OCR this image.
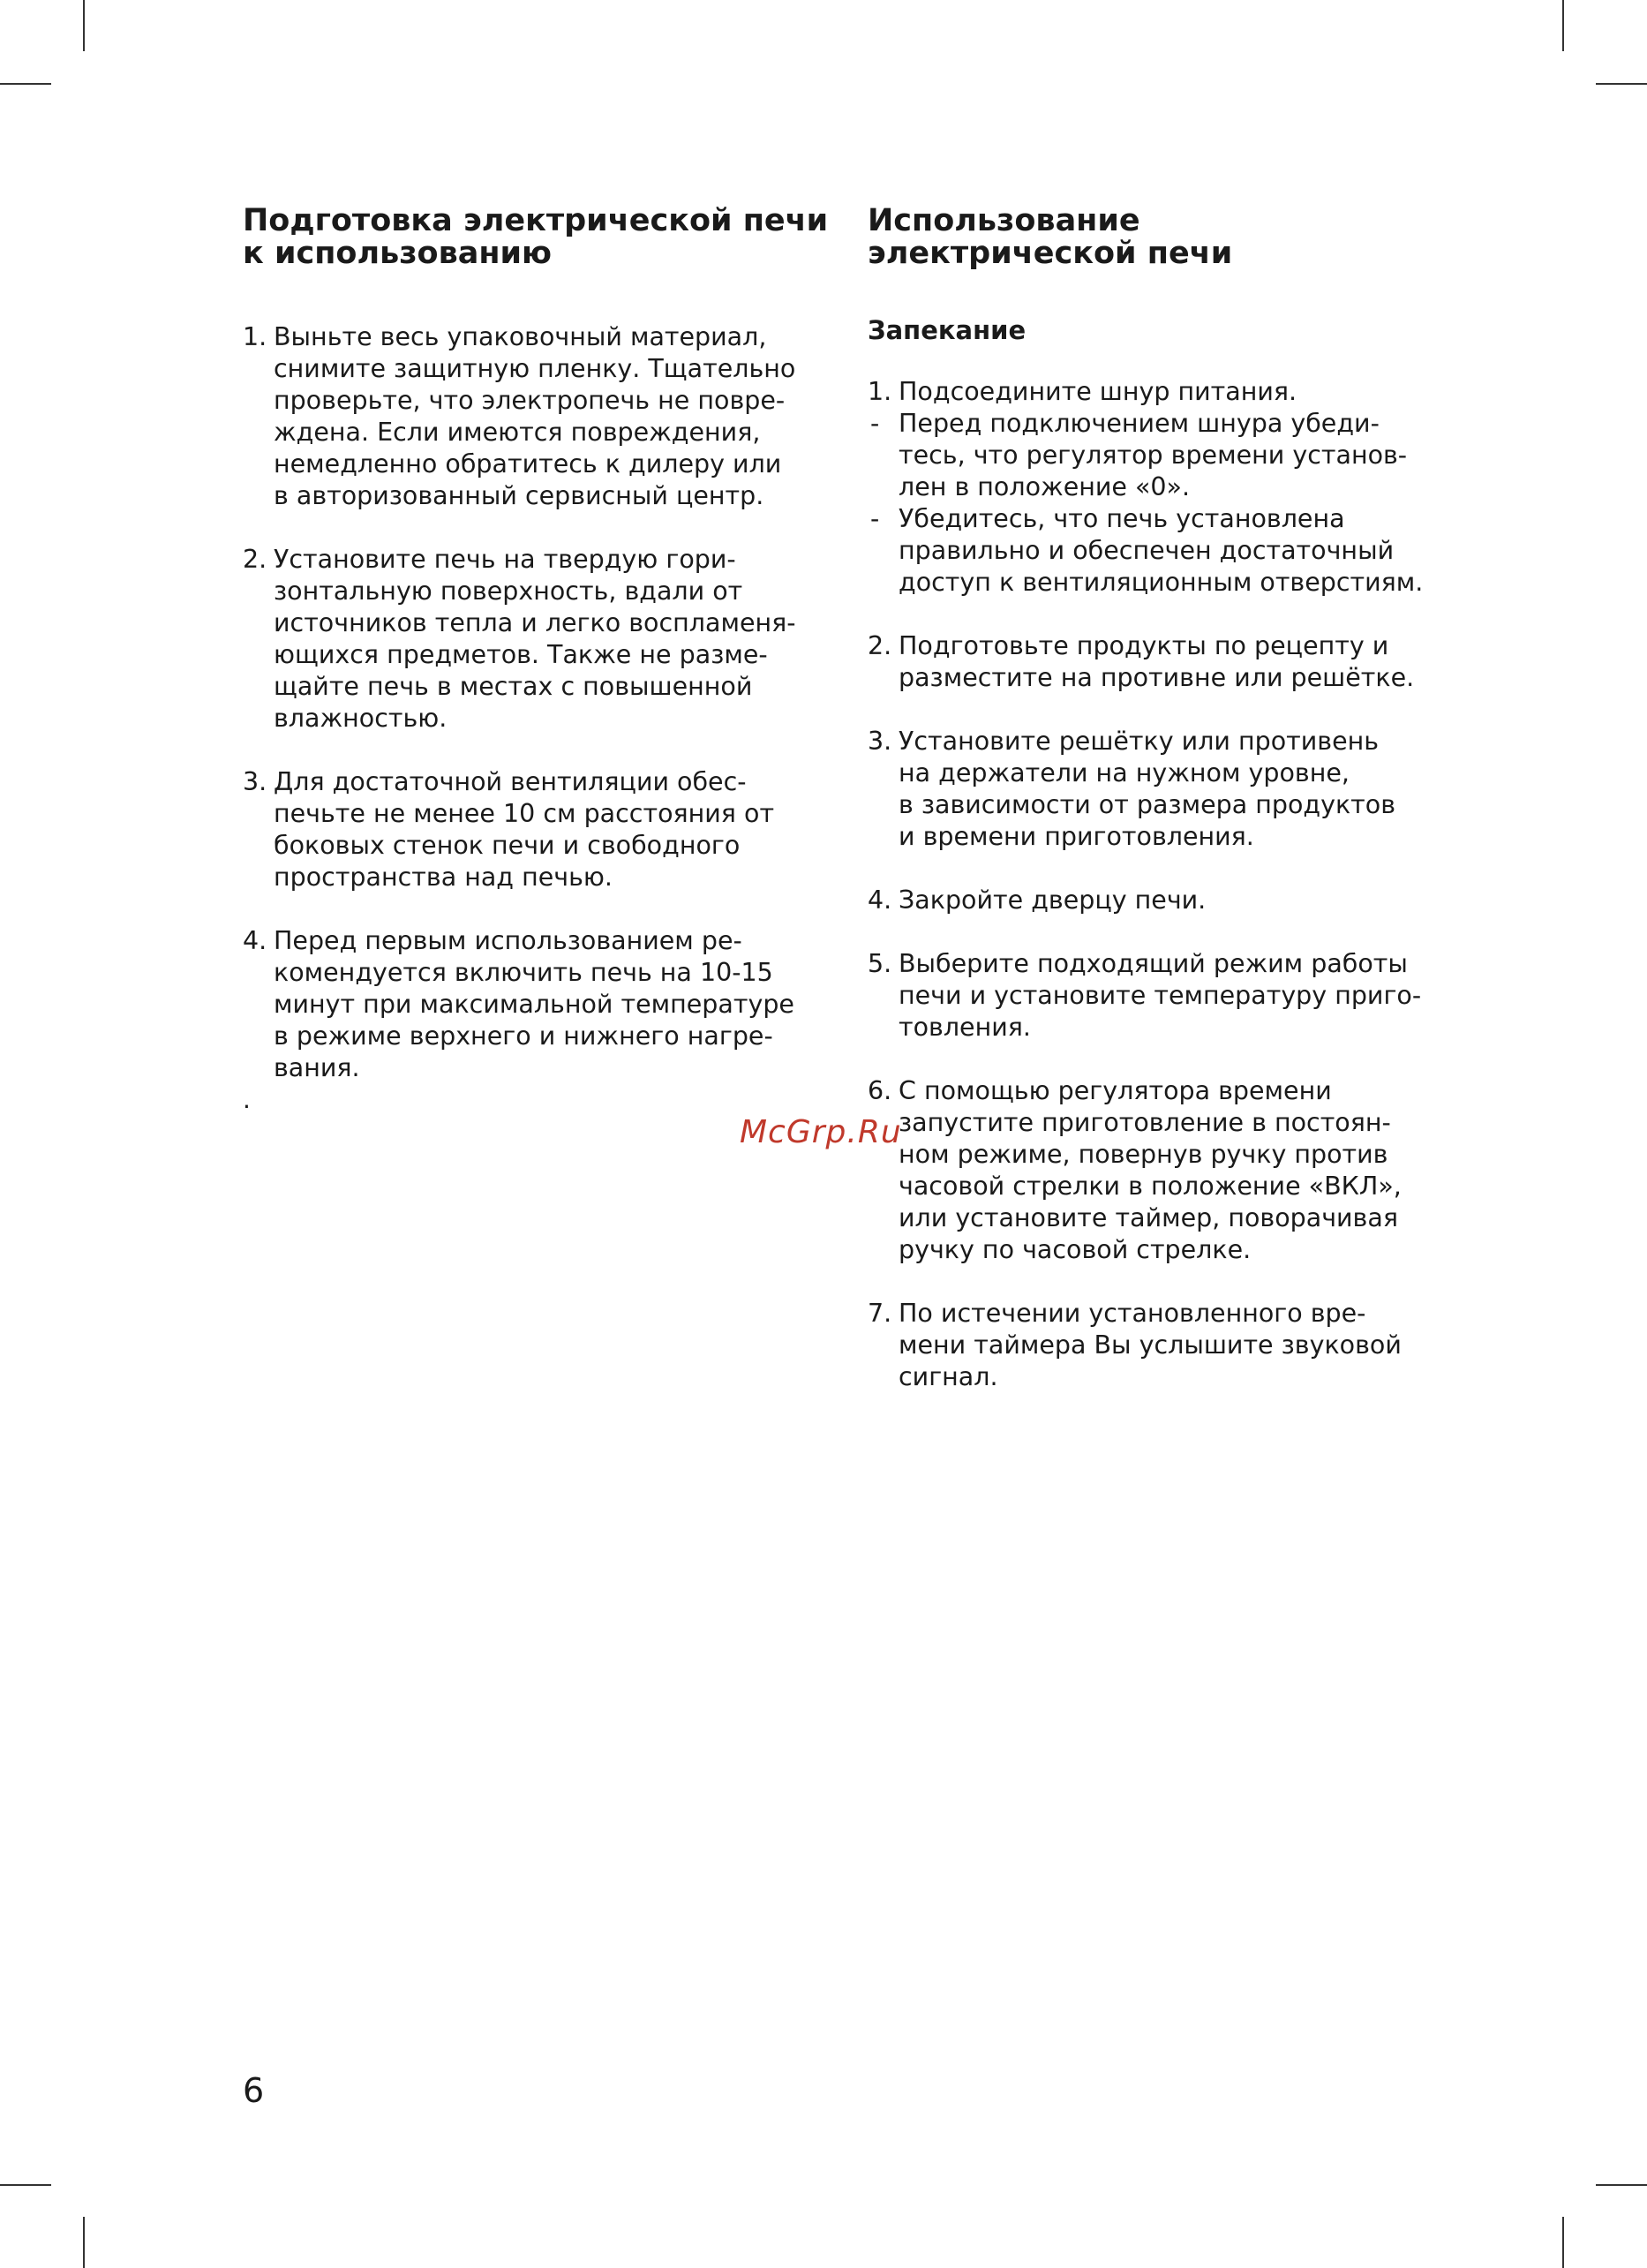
Подготовка электрической печи
к использованию
1. Выньте весь упаковочный материал,
снимите защитную пленку. Тщательно
проверьте, что электропечь не повре-
ждена. Если имеются повреждения,
немедленно обратитесь к дилеру или
в авторизованный сервисный центр.
2. Установите печь на твердую гори-
зонтальную поверхность, вдали от
источников тепла и легко воспламеня-
ющихся предметов. Также не разме-
щайте печь в местах с повышенной
влажностью.
3. Для достаточной вентиляции обес-
печьте не менее 10 см расстояния от
боковых стенок печи и свободного
пространства над печью.
4. Перед первым использованием ре-
комендуется включить печь на 10-15
минут при максимальной температуре
в режиме верхнего и нижнего нагре-
вания.
.
Использование
электрической печи
Запекание
1. Подсоедините шнур питания.
- Перед подключением шнура убеди-
тесь, что регулятор времени установ-
лен в положение «0».
- Убедитесь, что печь установлена
правильно и обеспечен достаточный
доступ к вентиляционным отверстиям.
2. Подготовьте продукты по рецепту и
разместите на противне или решётке.
3. Установите решётку или противень
на держатели на нужном уровне,
в зависимости от размера продуктов
и времени приготовления.
4. Закройте дверцу печи.
5. Выберите подходящий режим работы
печи и установите температуру приго-
товления.
6. С помощью регулятора времени
запустите приготовление в постоян-
ном режиме, повернув ручку против
часовой стрелки в положение «ВКЛ»,
или установите таймер, поворачивая
ручку по часовой стрелке.
7. По истечении установленного вре-
мени таймера Вы услышите звуковой
сигнал.
McGrp.Ru
6
